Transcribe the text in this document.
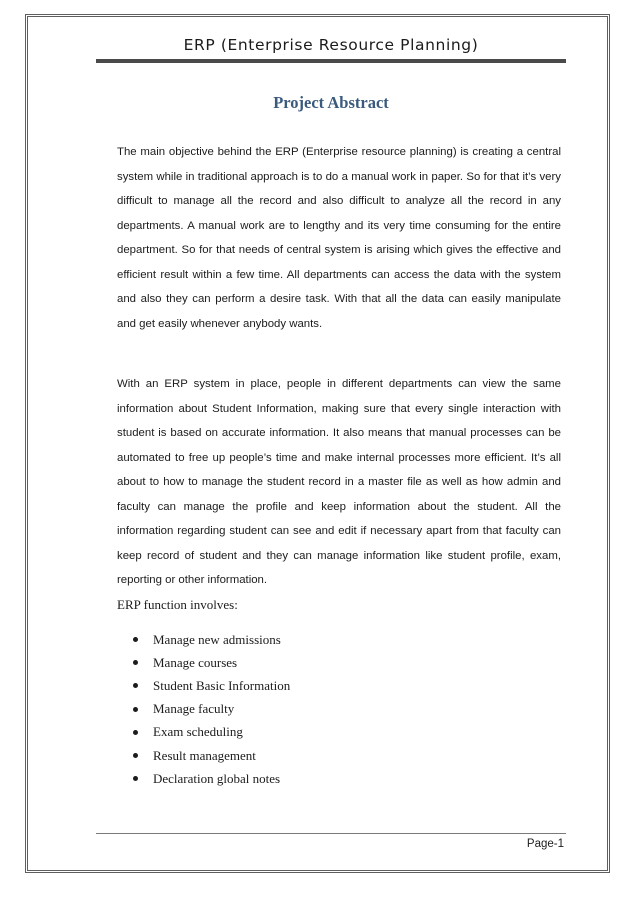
ERP (Enterprise Resource Planning)
Project Abstract

The main objective behind the ERP (Enterprise resource planning) is creating a central system while in traditional approach is to do a manual work in paper. So for that it’s very difficult to manage all the record and also difficult to analyze all the record in any departments. A manual work are to lengthy and its very time consuming for the entire department. So for that needs of central system is arising which gives the effective and efficient result within a few time. All departments can access the data with the system and also they can perform a desire task. With that all the data can easily manipulate and get easily whenever anybody wants.

With an ERP system in place, people in different departments can view the same information about Student Information, making sure that every single interaction with student is based on accurate information. It also means that manual processes can be automated to free up people’s time and make internal processes more efficient. It’s all about to how to manage the student record in a master file as well as how admin and faculty can manage the profile and keep information about the student. All the information regarding student can see and edit if necessary apart from that faculty can keep record of student and they can manage information like student profile, exam, reporting or other information.

ERP function involves:
Manage new admissions
Manage courses
Student Basic Information
Manage faculty
Exam scheduling
Result management
Declaration global notes
Page-1
